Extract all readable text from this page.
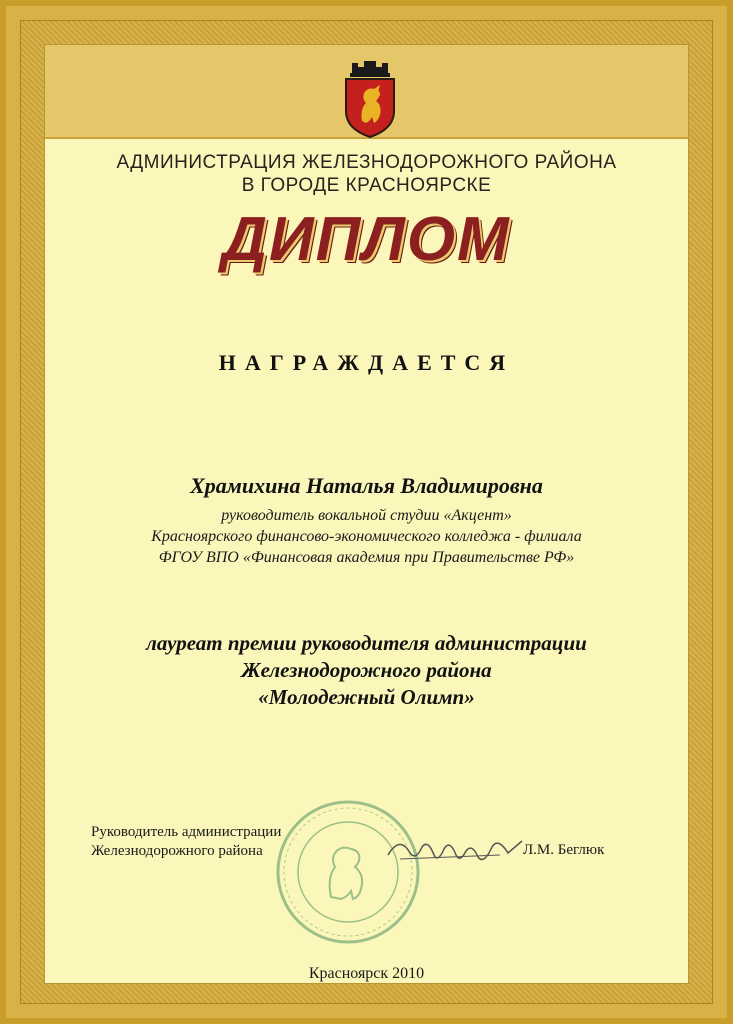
АДМИНИСТРАЦИЯ ЖЕЛЕЗНОДОРОЖНОГО РАЙОНА
В ГОРОДЕ КРАСНОЯРСКЕ
ДИПЛОМ
НАГРАЖДАЕТСЯ
Храмихина Наталья Владимировна
руководитель вокальной студии «Акцент»
Красноярского финансово-экономического колледжа - филиала
ФГОУ ВПО «Финансовая академия при Правительстве РФ»
лауреат премии руководителя администрации
Железнодорожного района
«Молодежный Олимп»
Руководитель администрации
Железнодорожного района	Л.М. Беглюк
Красноярск 2010
